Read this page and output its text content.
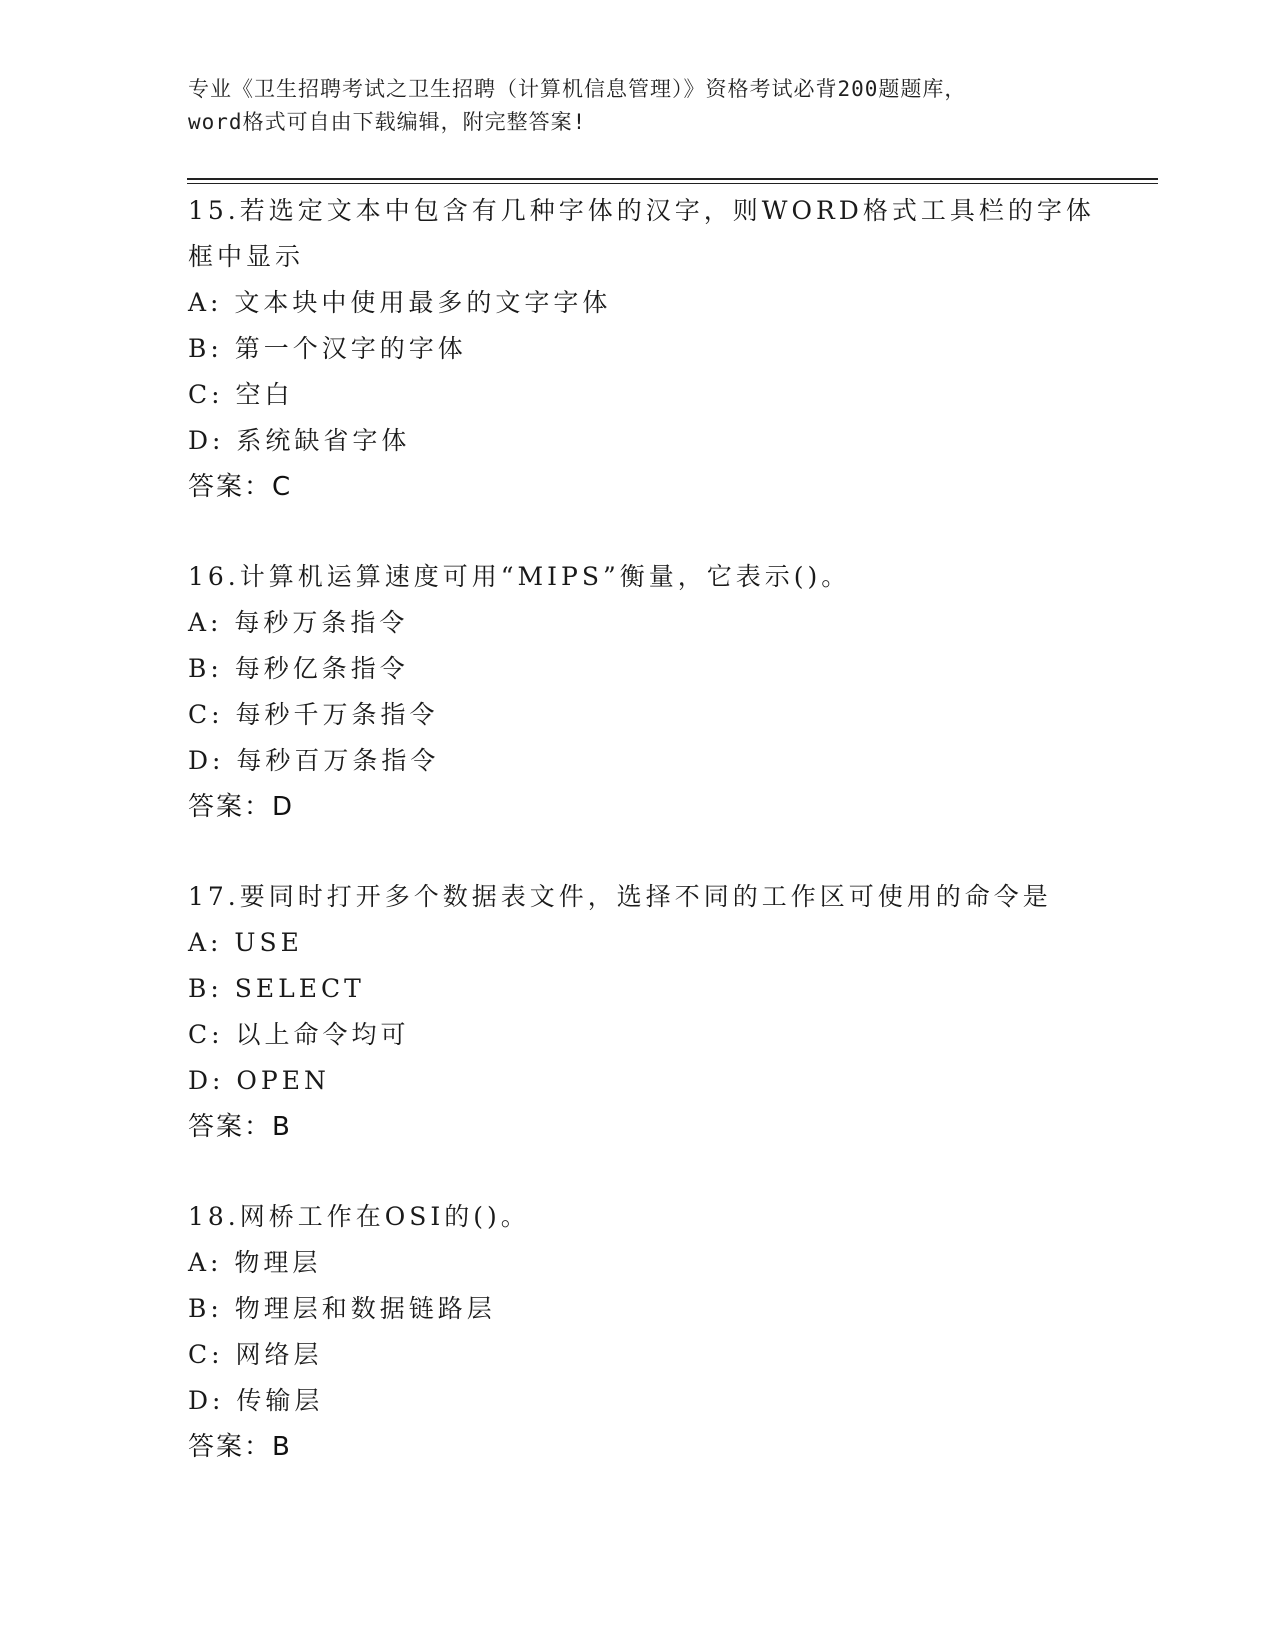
专业《卫生招聘考试之卫生招聘（计算机信息管理）》资格考试必背200题题库，
word格式可自由下载编辑，附完整答案!
15.若选定文本中包含有几种字体的汉字，则WORD格式工具栏的字体
框中显示
A: 文本块中使用最多的文字字体
B: 第一个汉字的字体
C: 空白
D: 系统缺省字体
答案：C
16.计算机运算速度可用“MIPS”衡量，它表示()。
A: 每秒万条指令
B: 每秒亿条指令
C: 每秒千万条指令
D: 每秒百万条指令
答案：D
17.要同时打开多个数据表文件，选择不同的工作区可使用的命令是
A: USE
B: SELECT
C: 以上命令均可
D: OPEN
答案：B
18.网桥工作在OSI的()。
A: 物理层
B: 物理层和数据链路层
C: 网络层
D: 传输层
答案：B
